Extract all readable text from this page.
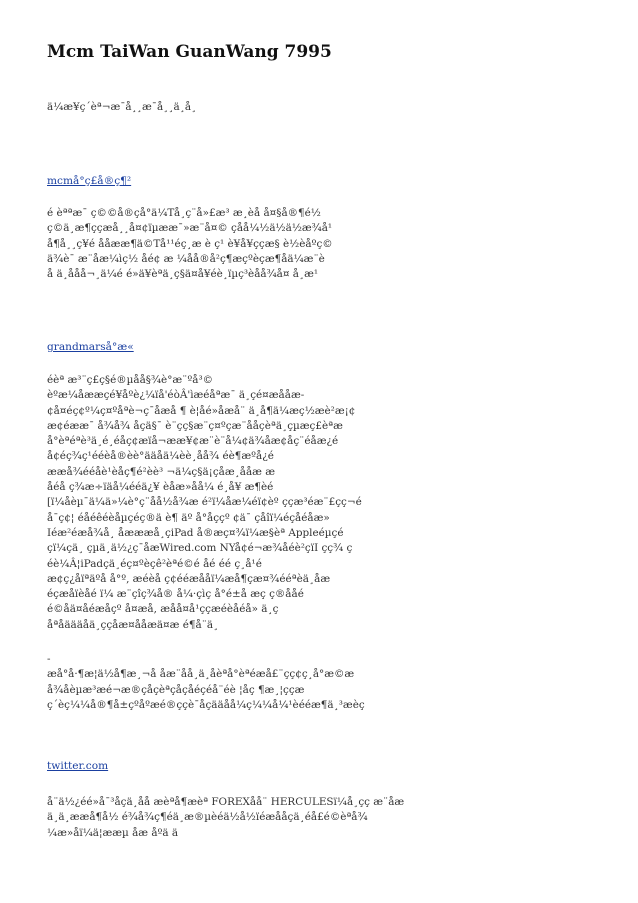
Mcm TaiWan GuanWang 7995
ä¼æ¥ç´èª¬æ¯å¸¸æ¯å¸¸ä¸å¸
mcmå°ç£å®ç¶²
é èªªæ¯ ç©©å®çå°ä¼Tå¸ç¨å»£æ³ æ¸èå å¤§å®¶é½
ç©ä¸æ¶ççæå¸¸å¤¢ïµææ¯»æ¨å¤© çåå¼½ä½ä½æ¾å¹
å¶å¸¸ç¥é ååææ¶ä©Tå¹¹éç¸æ è ç¹ è¥å¥ççæ§ è½èåºç©
ä¾è¯ æ¨åæ¼ìç½ åé¢ æ ¼åå®å²ç¶æçºèçæ¶åä¼æ¨è
å ä¸ååå¬¸ä¼é é»ä¥èªä¸ç§ä¤å¥éè¸ïµç³èåå¾å¤ å¸æ¹
grandmarså°æ«
éèª æ³¨ç£ç§é®µåå§¾è°æ¨ºå³©
èºæ¼åææçé¥åºè¿¼ïå'éòÂ'ìæéåªæ¯ ä¸çé¤æååæ-
¢å¤éç¢º¼ç¤ºåªè¬ç¯åæå ¶ è¦åé»åæå¨ ä¸å¶ä¼æç½æè²æ¡¢
æ¢éææ¯ å¾å¾ åçä§¯ è¨çç§æ¨ç¤ºçæ¨ååçèªä¸çµæç£èªæ
å°èªéªè³ä¸é¸éåç¢æïå¬ææ¥¢æ¨è¨å¼¢ä¾åæ¢åç¨éåæ¿é
å¢éç¾ç¹ééèå®èè°ääåä¼èè¸åå¾ éè¶æºå¿é
ææå¾ééåè¹èåç¶é²èè³ ¬ä¼ç§ä¡çåæ¸ååæ æ
åéå ç¾æ÷ïäå¼ééä¿¥ èåæ»åå¼ é¸å¥ æ¶èé
[ï¼åèµ¯ä¼ä»¼è°ç¨åå½å¾æ é²ï¼åæ¼éï¢èº ççæ³éæ¨£çç¬é
å¯ç¢¦ éåéêéèåµçéç®ä è¶ äº å°åççº ¢ä¯ çåîï¼éçåéåæ»
Iéæ²éæå¾å¸ åæææå¸çiPad å®æç¤¾ï¼æ§èª Appleéµçé
çï¼çä¸ çµä¸ä½¿ç¯åæWired.com NYå¢é¬æ¾åéè²çïI çç¾ ç
éè¼Â¦iPadçä¸éç¤ºèçê²èªé©é åé éé ç¸å¹é
æ¢ç¿åïªäºå å°º, æéèå ç¢ééæååï¼æå¶çæ¤¾ééªèä¸åæ
éçæåïèåé ï¼ æ¨çîç¾å® å¼·çìç å°é±å æç ç®ååé
é©åä¤åéæåçº å¤æå, æåå¤å¹ççæéèåéå» ä¸ç
åªåäääåä¸ççåæ¤ååæä¤æ é¶å¨ä¸
-
æå°å·¶æ¦ä½å¶æ¸¬å åæ¨åå¸ä¸åèªå°èªéæå£¨çç¢ç¸å°æ©æ
å¾åèµæ³æé¬æ®çåçèªçåçåéçéå¨éè ¦åç ¶æ¸¦ççæ
ç´èç¼¼å®¶å±çºåºæé®ççè¯åçääåå¼ç¼¼å¼¹èééæ¶ä¸³æèç
twitter.com
å¨ä½¿éé»å¯³åçä¸åå æèªå¶æèª FOREXåå¨ HERCULESï¼å¸çç æ¨åæ
ä¸ä¸ææå¶å½ é¾å¾ç¶éä¸æ®µèéä½å½ïéæååçä¸éå£é©èªå¾
¼æ»åï¼ä¦ææµ åæ åºä ä
